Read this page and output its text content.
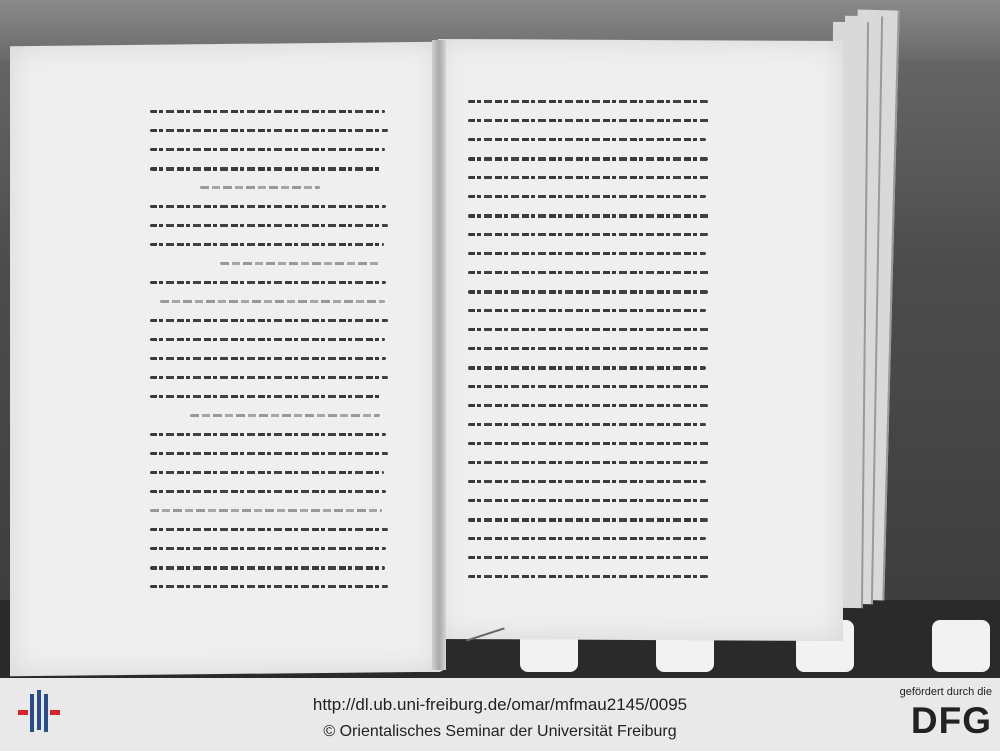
http://dl.ub.uni-freiburg.de/omar/mfmau2145/0095
© Orientalisches Seminar der Universität Freiburg
gefördert durch die
DFG
